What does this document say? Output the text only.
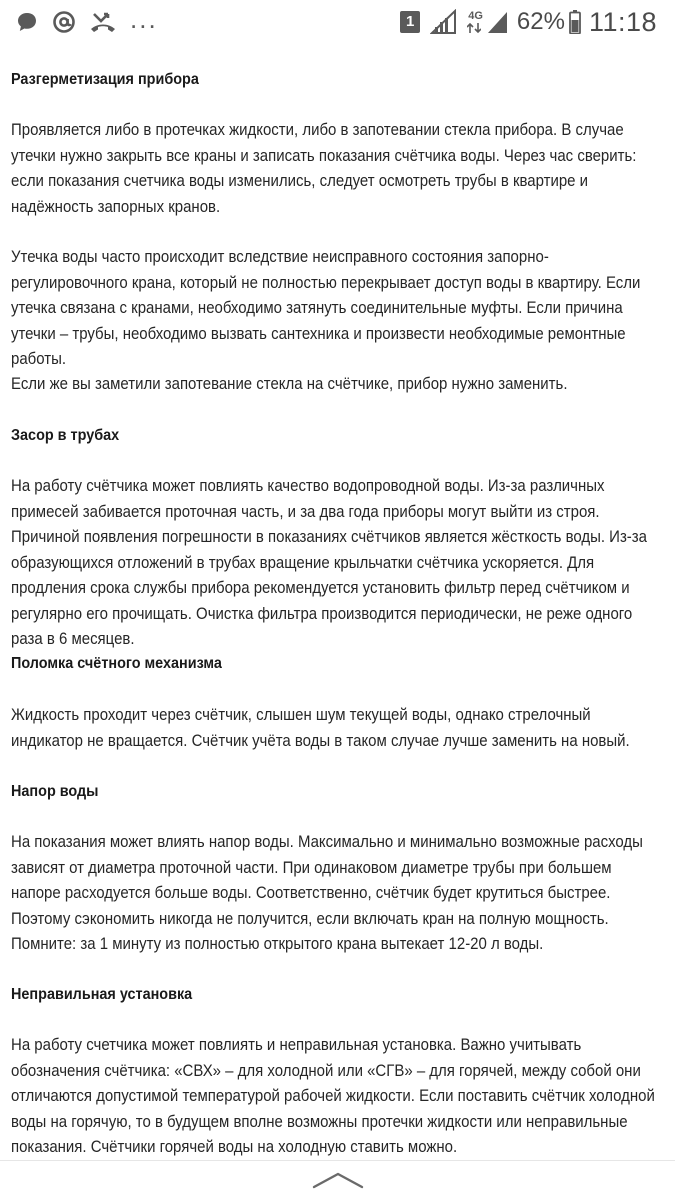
...	1	4G 62% 11:18
Разгерметизация прибора

Проявляется либо в протечках жидкости, либо в запотевании стекла прибора. В случае утечки нужно закрыть все краны и записать показания счётчика воды. Через час сверить: если показания счетчика воды изменились, следует осмотреть трубы в квартире и надёжность запорных кранов.

Утечка воды часто происходит вследствие неисправного состояния запорно-регулировочного крана, который не полностью перекрывает доступ воды в квартиру. Если утечка связана с кранами, необходимо затянуть соединительные муфты. Если причина утечки – трубы, необходимо вызвать сантехника и произвести необходимые ремонтные работы.

Если же вы заметили запотевание стекла на счётчике, прибор нужно заменить.

Засор в трубах

На работу счётчика может повлиять качество водопроводной воды. Из-за различных примесей забивается проточная часть, и за два года приборы могут выйти из строя. Причиной появления погрешности в показаниях счётчиков является жёсткость воды. Из-за образующихся отложений в трубах вращение крыльчатки счётчика ускоряется. Для продления срока службы прибора рекомендуется установить фильтр перед счётчиком и регулярно его прочищать. Очистка фильтра производится периодически, не реже одного раза в 6 месяцев.

Поломка счётного механизма

Жидкость проходит через счётчик, слышен шум текущей воды, однако стрелочный индикатор не вращается. Счётчик учёта воды в таком случае лучше заменить на новый.

Напор воды

На показания может влиять напор воды. Максимально и минимально возможные расходы зависят от диаметра проточной части. При одинаковом диаметре трубы при большем напоре расходуется больше воды. Соответственно, счётчик будет крутиться быстрее. Поэтому сэкономить никогда не получится, если включать кран на полную мощность. Помните: за 1 минуту из полностью открытого крана вытекает 12-20 л воды.

Неправильная установка

На работу счетчика может повлиять и неправильная установка. Важно учитывать обозначения счётчика: «СВХ» – для холодной или «СГВ» – для горячей, между собой они отличаются допустимой температурой рабочей жидкости. Если поставить счётчик холодной воды на горячую, то в будущем вполне возможны протечки жидкости или неправильные показания. Счётчики горячей воды на холодную ставить можно.
